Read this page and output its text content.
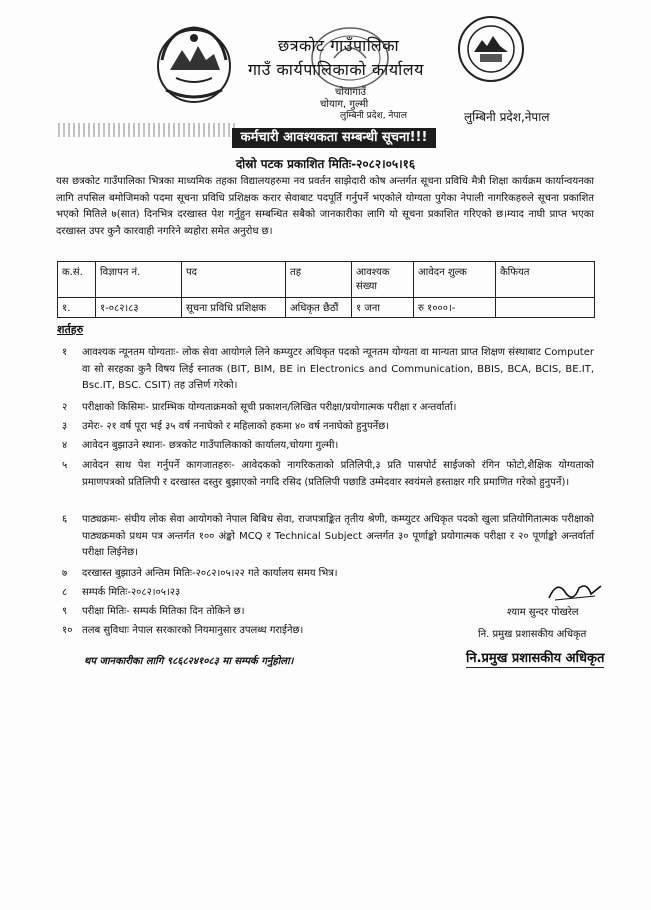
छत्रकोट गाउँपालिका
गाउँ कार्यपालिकाको कार्यालय
चोयागाउँ
चोयाग, गुल्मी
लुम्बिनी प्रदेश, नेपाल	लुम्बिनी प्रदेश,नेपाल
कर्मचारी आवश्यकता सम्बन्धी सूचना!!!
दोस्रो पटक प्रकाशित मितिः-२०८२।०५।१६
यस छत्रकोट गाउँपालिका भित्रका माध्यमिक तहका विद्यालयहरुमा नव प्रवर्तन साझेदारी कोष अन्तर्गत सूचना प्रविधि मैत्री शिक्षा कार्यक्रम कार्यान्वयनका लागि तपसिल बमोजिमको पदमा सूचना प्रविधि प्रशिक्षक करार सेवाबाट पदपूर्ति गर्नुपर्ने भएकोले योग्यता पुगेका नेपाली नागरिकहरुले सूचना प्रकाशित भएको मितिले ७(सात) दिनभित्र दरखास्त पेश गर्नुहुन सम्बन्धित सबैको जानकारीका लागि यो सूचना प्रकाशित गरिएको छ।म्याद नाघी प्राप्त भएका दरखास्त उपर कुनै कारवाही नगरिने ब्यहोरा समेत अनुरोध छ।
क.सं.	विज्ञापन नं.	पद	तह	आवश्यक संख्या	आवेदन शुल्क	कैफियत
१.	१-०८२।८३	सूचना प्रविधि प्रशिक्षक	अधिकृत छैठौं	१ जना	रु १०००।-	
शर्तहरु
१ आवश्यक न्यूनतम योग्यताः- लोक सेवा आयोगले लिने कम्प्युटर अधिकृत पदको न्यूनतम योग्यता वा मान्यता प्राप्त शिक्षण संस्थाबाट Computer वा सो सरहका कुनै विषय लिई स्नातक (BIT, BIM, BE in Electronics and Communication, BBIS, BCA, BCIS, BE.IT, Bsc.IT, BSC. CSIT) तह उत्तिर्ण गरेको।
२ परीक्षाको किसिमः- प्रारम्भिक योग्यताक्रमको सूची प्रकाशन/लिखित परीक्षा/प्रयोगात्मक परीक्षा र अन्तर्वार्ता।
३ उमेरः- २१ वर्ष पूरा भई ३५ वर्ष ननाघेको र महिलाको हकमा ४० वर्ष ननाघेको हुनुपर्नेछ।
४ आवेदन बुझाउने स्थानः- छत्रकोट गाउँपालिकाको कार्यालय,चोयगा गुल्मी।
५ आवेदन साथ पेश गर्नुपर्ने कागजातहरुः- आवेदकको नागरिकताको प्रतिलिपी,३ प्रति पासपोर्ट साईजको रंगिन फोटो,शैक्षिक योग्यताको प्रमाणपत्रको प्रतिलिपी र दरखास्त दस्तुर बुझाएको नगदि रसिद (प्रतिलिपी पछाडि उम्मेदवार स्वयंमले हस्ताक्षर गरि प्रमाणित गरेको हुनुपर्ने)।
६ पाठ्यक्रमः- संघीय लोक सेवा आयोगको नेपाल बिबिध सेवा, राजपत्राङ्कित तृतीय श्रेणी, कम्प्युटर अधिकृत पदको खुला प्रतियोगितात्मक परीक्षाको पाठ्यक्रमको प्रथम पत्र अन्तर्गत १०० अंङ्को MCQ र Technical Subject अन्तर्गत ३० पूर्णाङ्को प्रयोगात्मक परीक्षा र २० पूर्णाङ्को अन्तर्वार्ता परीक्षा लिईनेछ।
७ दरखास्त बुझाउने अन्तिम मितिः-२०८२।०५।२२ गते कार्यालय समय भित्र।
८ सम्पर्क मितिः-२०८२।०५।२३
९ परीक्षा मितिः- सम्पर्क मितिका दिन तोकिने छ।
१० तलब सुविधाः नेपाल सरकारको नियमानुसार उपलब्ध गराईनेछ।
श्याम सुन्दर पोखरेल
नि. प्रमुख प्रशासकीय अधिकृत
थप जानकारीका लागि ९८६८२४१०८३ मा सम्पर्क गर्नुहोला।	नि.प्रमुख प्रशासकीय अधिकृत
